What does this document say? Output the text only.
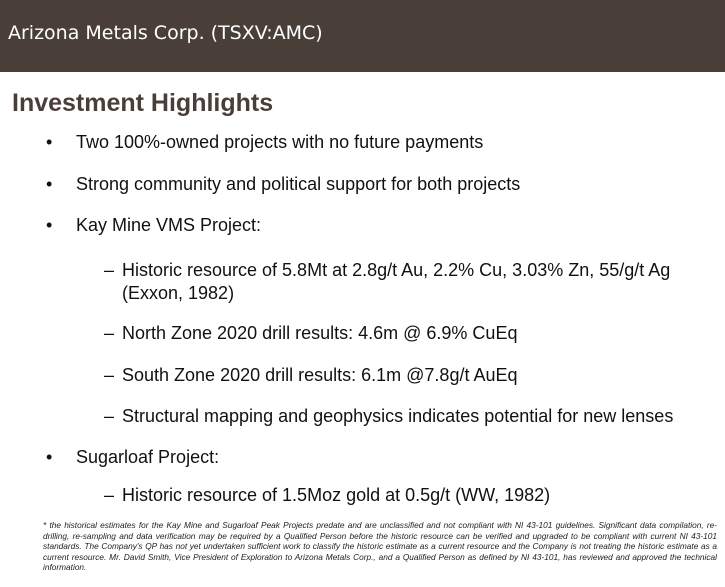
Arizona Metals Corp. (TSXV:AMC)
Investment Highlights
• Two 100%-owned projects with no future payments
• Strong community and political support for both projects
• Kay Mine VMS Project:
– Historic resource of 5.8Mt at 2.8g/t Au, 2.2% Cu, 3.03% Zn, 55/g/t Ag (Exxon, 1982)
– North Zone 2020 drill results: 4.6m @ 6.9% CuEq
– South Zone 2020 drill results: 6.1m @7.8g/t AuEq
– Structural mapping and geophysics indicates potential for new lenses
• Sugarloaf Project:
– Historic resource of 1.5Moz gold at 0.5g/t (WW, 1982)

* the historical estimates for the Kay Mine and Sugarloaf Peak Projects predate and are unclassified and not compliant with NI 43-101 guidelines. Significant data compilation, re-drilling, re-sampling and data verification may be required by a Qualified Person before the historic resource can be verified and upgraded to be compliant with current NI 43-101 standards. The Company's QP has not yet undertaken sufficient work to classify the historic estimate as a current resource and the Company is not treating the historic estimate as a current resource. Mr. David Smith, Vice President of Exploration to Arizona Metals Corp., and a Qualified Person as defined by NI 43-101, has reviewed and approved the technical information.
